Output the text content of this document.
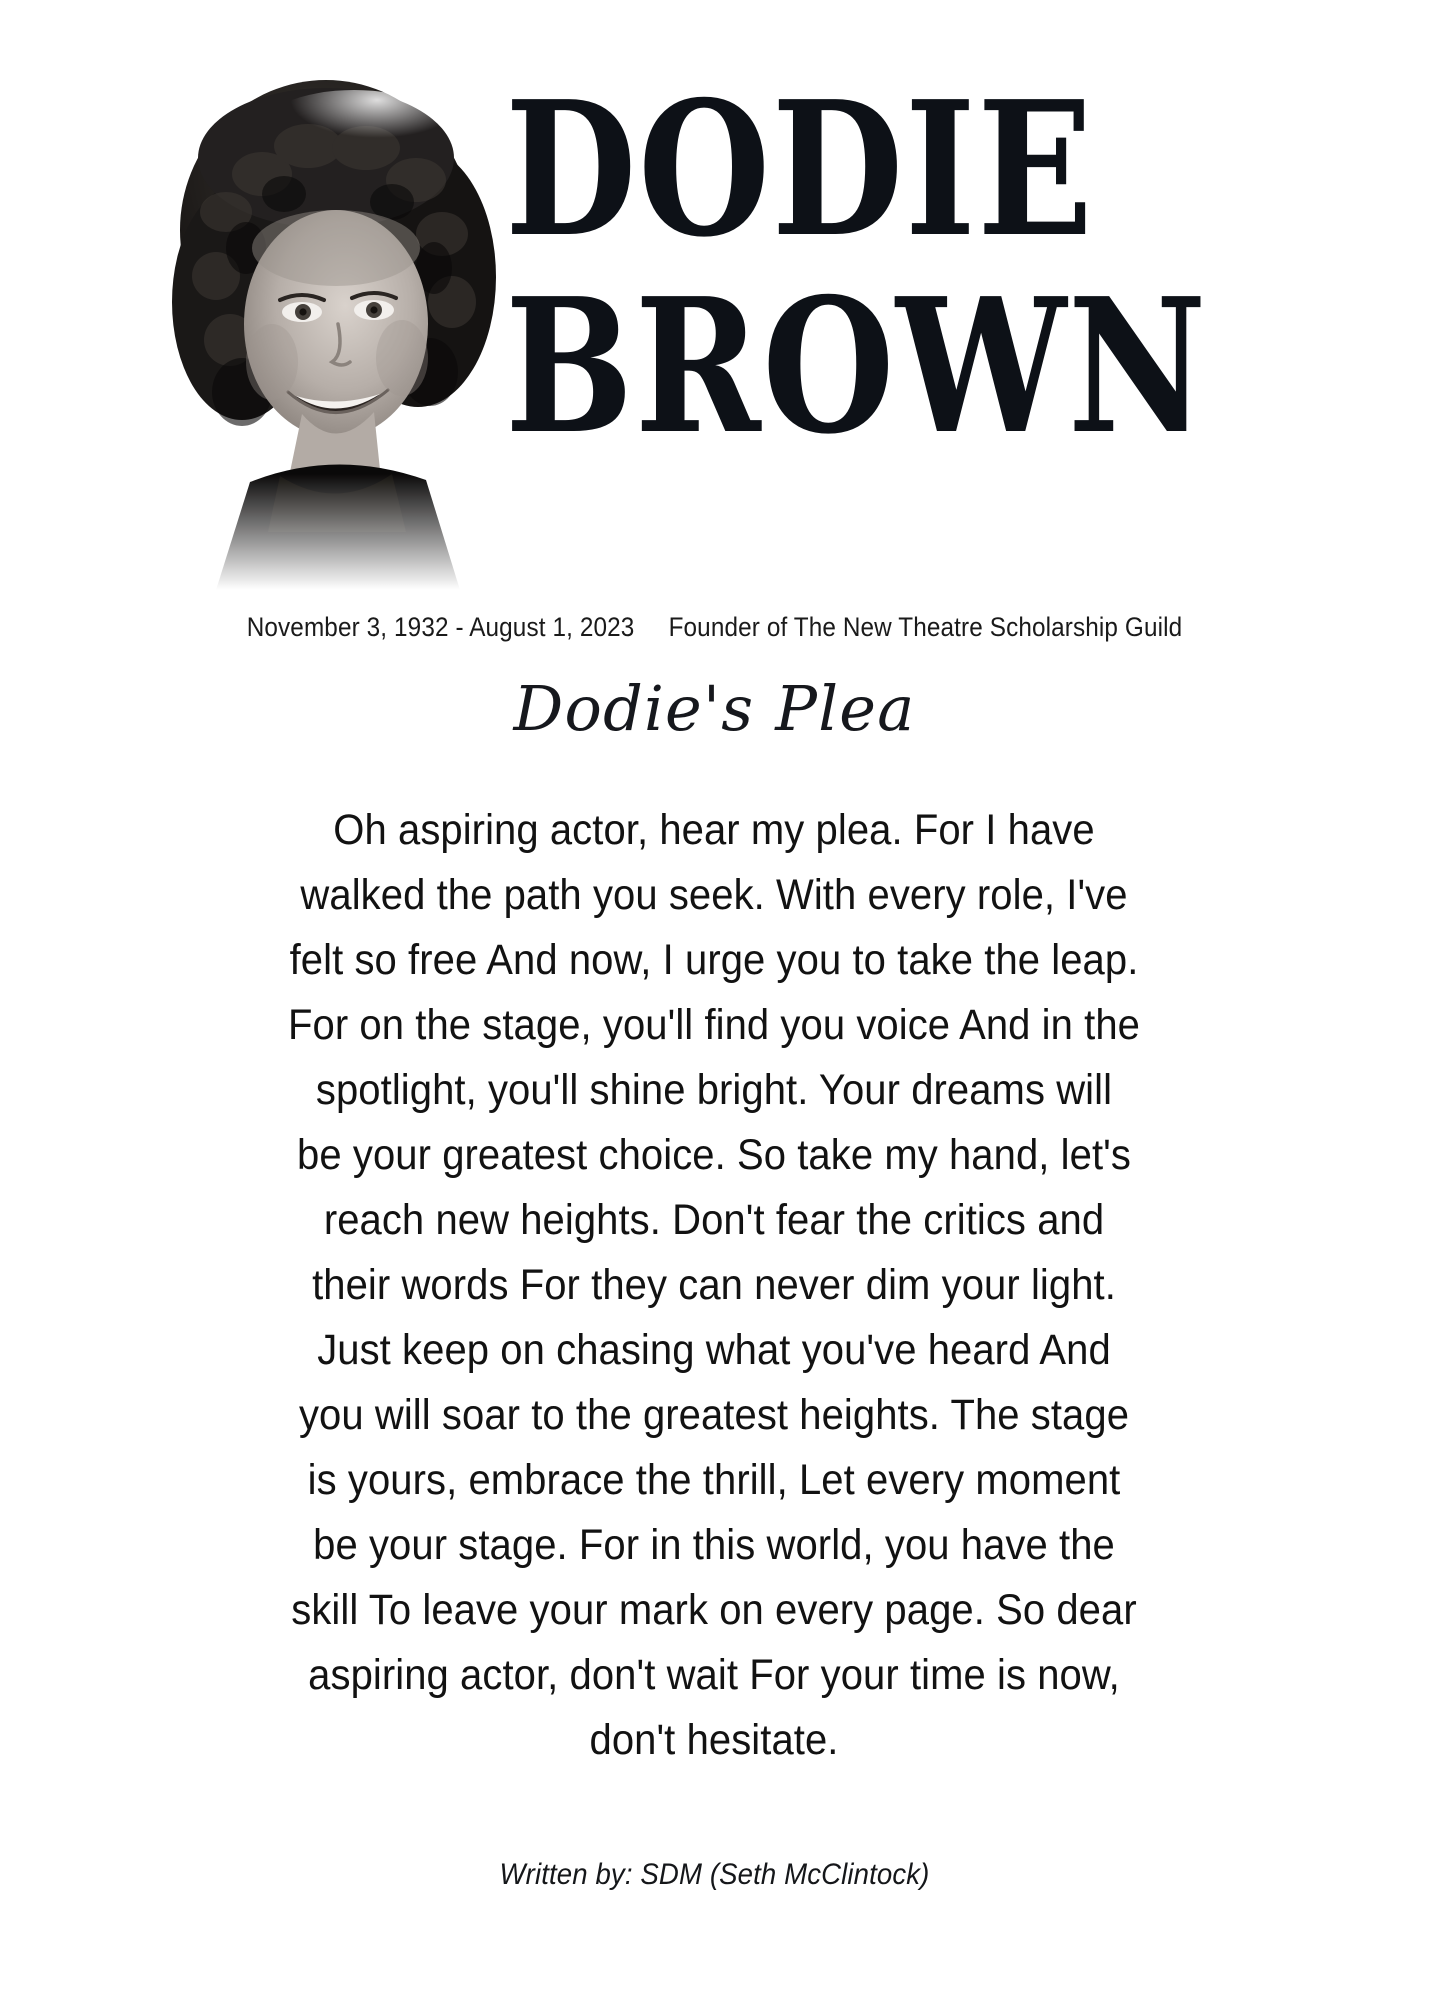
DODIE
BROWN
November 3, 1932 - August 1, 2023 Founder of The New Theatre Scholarship Guild
Dodie's Plea
Oh aspiring actor, hear my plea. For I have
walked the path you seek. With every role, I've
felt so free And now, I urge you to take the leap.
For on the stage, you'll find you voice And in the
spotlight, you'll shine bright. Your dreams will
be your greatest choice. So take my hand, let's
reach new heights. Don't fear the critics and
their words For they can never dim your light.
Just keep on chasing what you've heard And
you will soar to the greatest heights. The stage
is yours, embrace the thrill, Let every moment
be your stage. For in this world, you have the
skill To leave your mark on every page. So dear
aspiring actor, don't wait For your time is now,
don't hesitate.
Written by: SDM (Seth McClintock)
